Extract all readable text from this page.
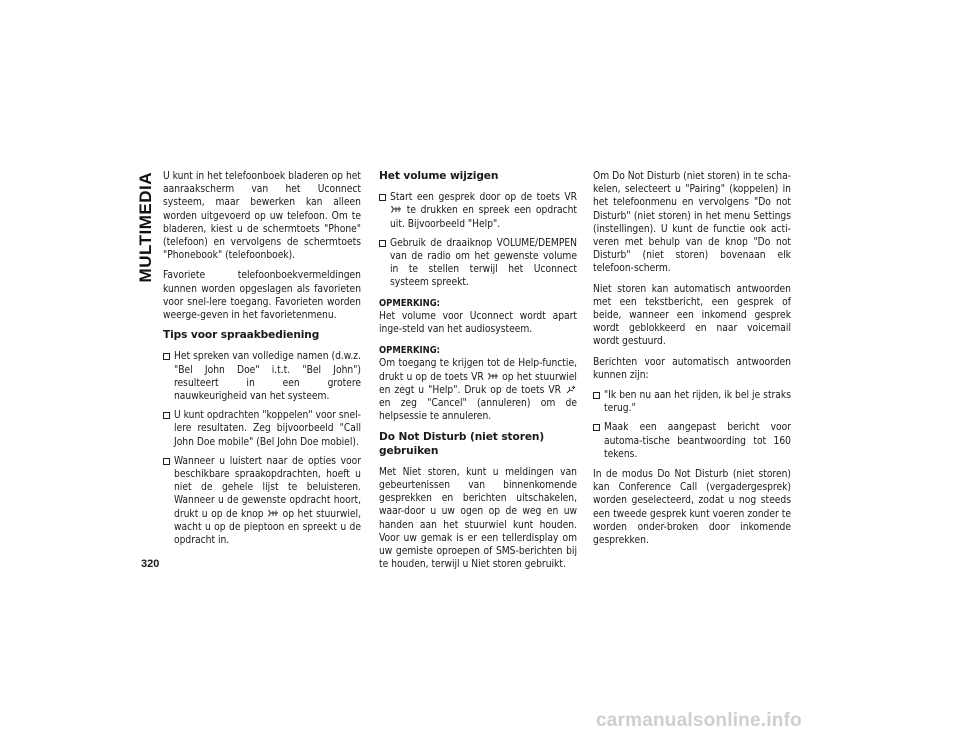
MULTIMEDIA
320

U kunt in het telefoonboek bladeren op het aanraakscherm van het Uconnect systeem, maar bewerken kan alleen worden uitgevoerd op uw telefoon. Om te bladeren, kiest u de schermtoets "Phone" (telefoon) en vervolgens de schermtoets "Phonebook" (telefoonboek).

Favoriete telefoonboekvermeldingen kunnen worden opgeslagen als favorieten voor snel-lere toegang. Favorieten worden weerge-geven in het favorietenmenu.

Tips voor spraakbediening
Het spreken van volledige namen (d.w.z. "Bel John Doe" i.t.t. "Bel John") resulteert in een grotere nauwkeurigheid van het systeem.
U kunt opdrachten "koppelen" voor snel-lere resultaten. Zeg bijvoorbeeld "Call John Doe mobile" (Bel John Doe mobiel).
Wanneer u luistert naar de opties voor beschikbare spraakopdrachten, hoeft u niet de gehele lijst te beluisteren. Wanneer u de gewenste opdracht hoort, drukt u op de knop op het stuurwiel, wacht u op de pieptoon en spreekt u de opdracht in.
Het volume wijzigen
Start een gesprek door op de toets VR  te drukken en spreek een opdracht uit. Bijvoorbeeld "Help".
Gebruik de draaiknop VOLUME/DEMPEN van de radio om het gewenste volume in te stellen terwijl het Uconnect systeem spreekt.
OPMERKING:

Het volume voor Uconnect wordt apart inge-steld van het audiosysteem.

OPMERKING:

Om toegang te krijgen tot de Help-functie, drukt u op de toets VR op het stuurwiel en zegt u "Help". Druk op de toets VR  en zeg "Cancel" (annuleren) om de helpsessie te annuleren.

Do Not Disturb (niet storen) gebruiken

Met Niet storen, kunt u meldingen van gebeurtenissen van binnenkomende gesprekken en berichten uitschakelen, waar-door u uw ogen op de weg en uw handen aan het stuurwiel kunt houden. Voor uw gemak is er een tellerdisplay om uw gemiste oproepen of SMS-berichten bij te houden, terwijl u Niet storen gebruikt.

Om Do Not Disturb (niet storen) in te scha-kelen, selecteert u "Pairing" (koppelen) in het telefoonmenu en vervolgens "Do not Disturb" (niet storen) in het menu Settings (instellingen). U kunt de functie ook acti-veren met behulp van de knop "Do not Disturb" (niet storen) bovenaan elk telefoon-scherm.

Niet storen kan automatisch antwoorden met een tekstbericht, een gesprek of beide, wanneer een inkomend gesprek wordt geblokkeerd en naar voicemail wordt gestuurd.

Berichten voor automatisch antwoorden kunnen zijn:

"Ik ben nu aan het rijden, ik bel je straks terug."
Maak een aangepast bericht voor automa-tische beantwoording tot 160 tekens.

In de modus Do Not Disturb (niet storen) kan Conference Call (vergadergesprek) worden geselecteerd, zodat u nog steeds een tweede gesprek kunt voeren zonder te worden onder-broken door inkomende gesprekken.

carmanualsonline.info
